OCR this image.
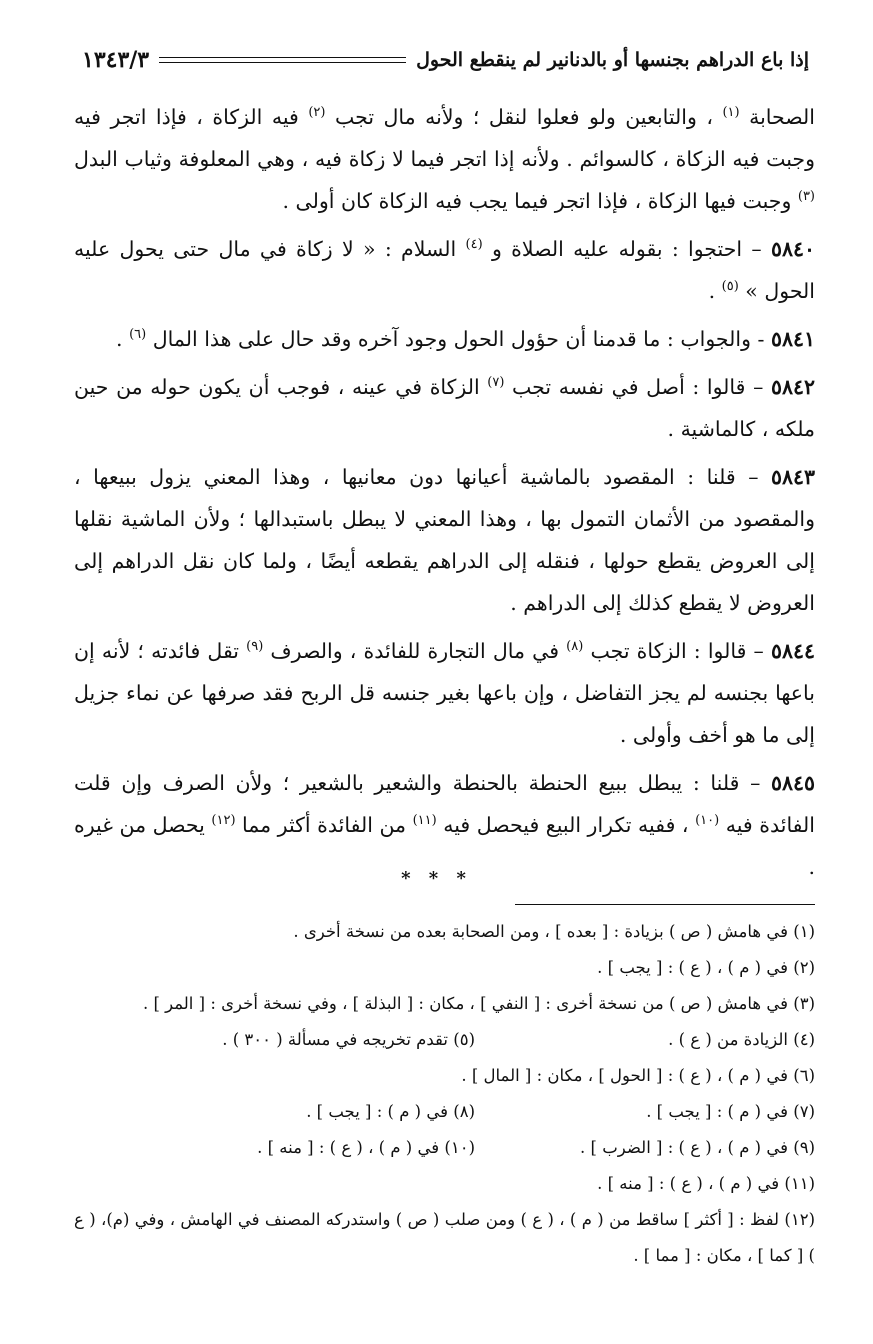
إذا باع الدراهم بجنسها أو بالدنانير لم ينقطع الحول
١٣٤٣/٣

الصحابة $^{(١)}$ ، والتابعين ولو فعلوا لنقل ؛ ولأنه مال تجب $^{(٢)}$ فيه الزكاة ، فإذا اتجر فيه وجبت فيه الزكاة ، كالسوائم . ولأنه إذا اتجر فيما لا زكاة فيه ، وهي المعلوفة وثياب البدل $^{(٣)}$ وجبت فيها الزكاة ، فإذا اتجر فيما يجب فيه الزكاة كان أولى .

٥٨٤٠ – احتجوا : بقوله عليه الصلاة و $^{(٤)}$ السلام : « لا زكاة في مال حتى يحول عليه الحول » $^{(٥)}$ .

٥٨٤١ - والجواب : ما قدمنا أن حؤول الحول وجود آخره وقد حال على هذا المال $^{(٦)}$ .

٥٨٤٢ – قالوا : أصل في نفسه تجب $^{(٧)}$ الزكاة في عينه ، فوجب أن يكون حوله من حين ملكه ، كالماشية .

٥٨٤٣ – قلنا : المقصود بالماشية أعيانها دون معانيها ، وهذا المعني يزول ببيعها ، والمقصود من الأثمان التمول بها ، وهذا المعني لا يبطل باستبدالها ؛ ولأن الماشية نقلها إلى العروض يقطع حولها ، فنقله إلى الدراهم يقطعه أيضًا ، ولما كان نقل الدراهم إلى العروض لا يقطع كذلك إلى الدراهم .

٥٨٤٤ – قالوا : الزكاة تجب $^{(٨)}$ في مال التجارة للفائدة ، والصرف $^{(٩)}$ تقل فائدته ؛ لأنه إن باعها بجنسه لم يجز التفاضل ، وإن باعها بغير جنسه قل الربح فقد صرفها عن نماء جزيل إلى ما هو أخف وأولى .

٥٨٤٥ – قلنا : يبطل ببيع الحنطة بالحنطة والشعير بالشعير ؛ ولأن الصرف وإن قلت الفائدة فيه $^{(١٠)}$ ، ففيه تكرار البيع فيحصل فيه $^{(١١)}$ من الفائدة أكثر مما $^{(١٢)}$ يحصل من غيره .

* * *
(١) في هامش ( ص ) بزيادة : [ بعده ] ، ومن الصحابة بعده من نسخة أخرى .
(٢) في ( م ) ، ( ع ) : [ يجب ] .
(٣) في هامش ( ص ) من نسخة أخرى : [ النفي ] ، مكان : [ البذلة ] ، وفي نسخة أخرى : [ المر ] .
(٤) الزيادة من ( ع ) .
(٥) تقدم تخريجه في مسألة ( ٣٠٠ ) .
(٦) في ( م ) ، ( ع ) : [ الحول ] ، مكان : [ المال ] .
(٧) في ( م ) : [ يجب ] .
(٨) في ( م ) : [ يجب ] .
(٩) في ( م ) ، ( ع ) : [ الضرب ] .
(١٠) في ( م ) ، ( ع ) : [ منه ] .
(١١) في ( م ) ، ( ع ) : [ منه ] .
(١٢) لفظ : [ أكثر ] ساقط من ( م ) ، ( ع ) ومن صلب ( ص ) واستدركه المصنف في الهامش ، وفي (م)، ( ع ) [ كما ] ، مكان : [ مما ] .
